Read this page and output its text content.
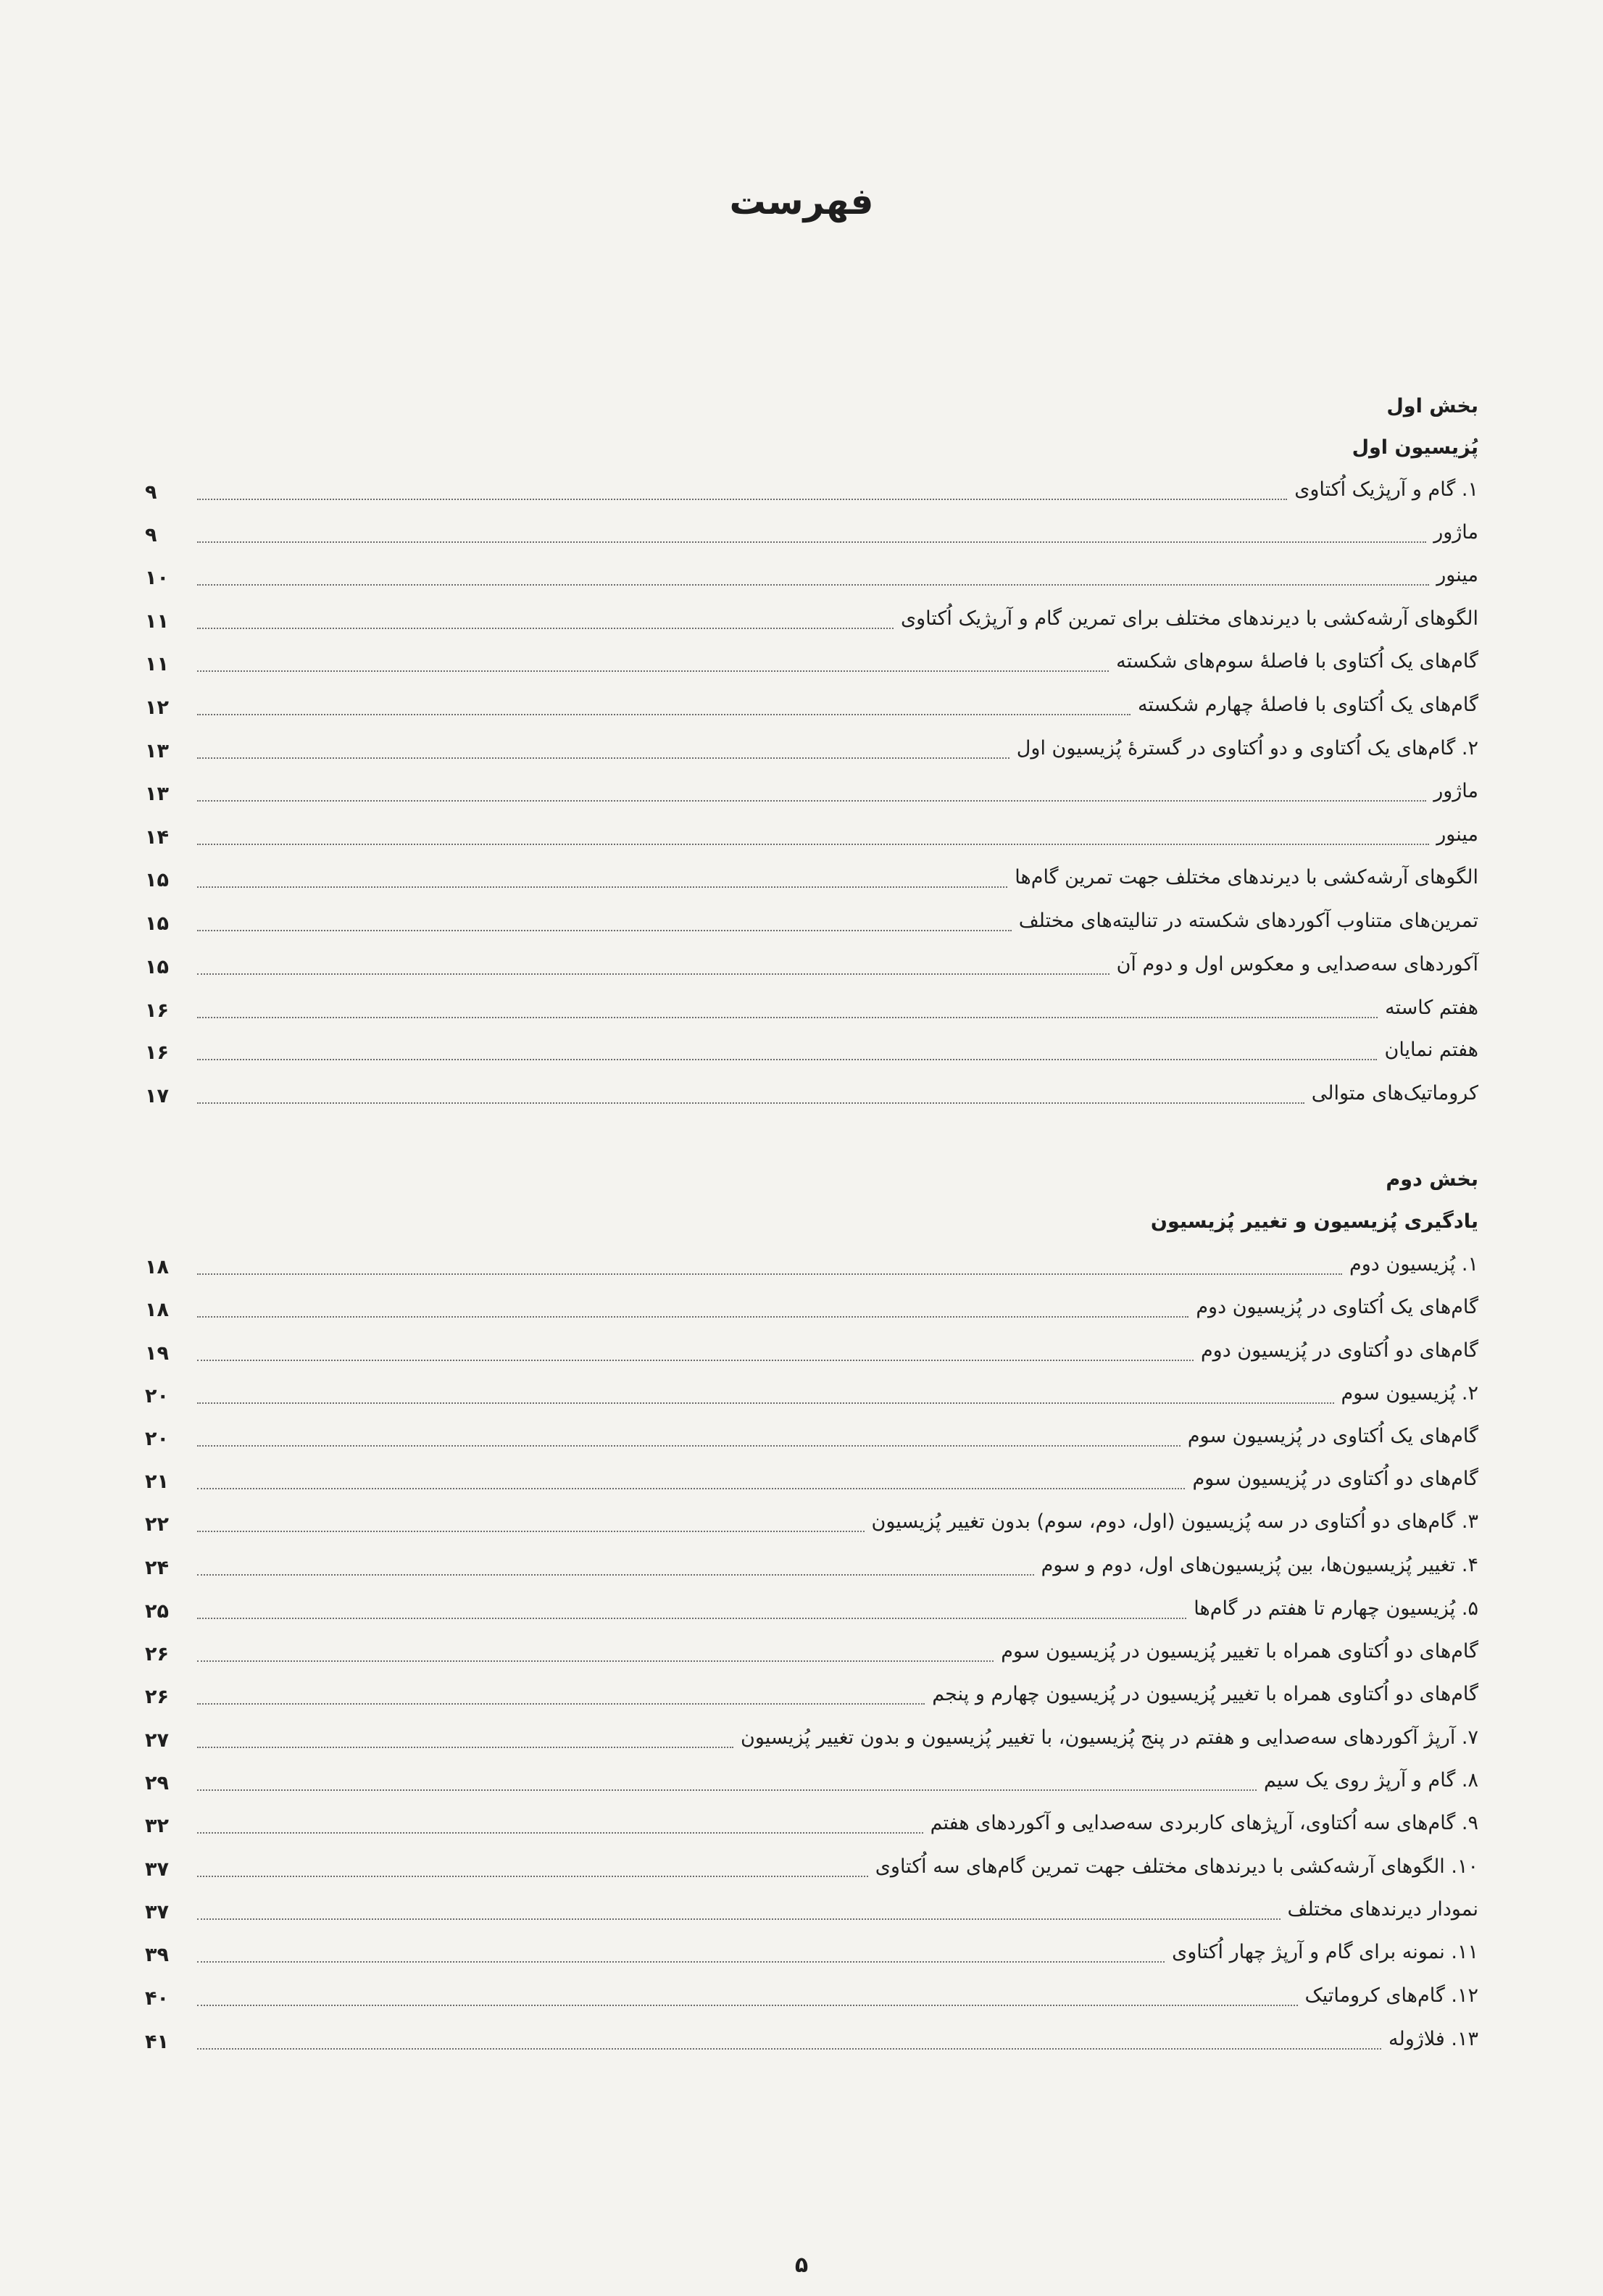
فهرست
بخش اول
پُزیسیون اول
۱. گام و آرپژیک اُکتاوی
۹
ماژور
۹
مینور
۱۰
الگوهای آرشه‌کشی با دیرندهای مختلف برای تمرین گام و آرپژیک اُکتاوی
۱۱
گام‌های یک اُکتاوی با فاصلهٔ سوم‌های شکسته
۱۱
گام‌های یک اُکتاوی با فاصلهٔ چهارم شکسته
۱۲
۲. گام‌های یک اُکتاوی و دو اُکتاوی در گسترهٔ پُزیسیون اول
۱۳
ماژور
۱۳
مینور
۱۴
الگوهای آرشه‌کشی با دیرندهای مختلف جهت تمرین گام‌ها
۱۵
تمرین‌های متناوب آکوردهای شکسته در تنالیته‌های مختلف
۱۵
آکوردهای سه‌صدایی و معکوس اول و دوم آن
۱۵
هفتم کاسته
۱۶
هفتم نمایان
۱۶
کروماتیک‌های متوالی
۱۷
بخش دوم
یادگیری پُزیسیون و تغییر پُزیسیون
۱. پُزیسیون دوم
۱۸
گام‌های یک اُکتاوی در پُزیسیون دوم
۱۸
گام‌های دو اُکتاوی در پُزیسیون دوم
۱۹
۲. پُزیسیون سوم
۲۰
گام‌های یک اُکتاوی در پُزیسیون سوم
۲۰
گام‌های دو اُکتاوی در پُزیسیون سوم
۲۱
۳. گام‌های دو اُکتاوی در سه پُزیسیون (اول، دوم، سوم) بدون تغییر پُزیسیون
۲۲
۴. تغییر پُزیسیون‌ها، بین پُزیسیون‌های اول، دوم و سوم
۲۴
۵. پُزیسیون چهارم تا هفتم در گام‌ها
۲۵
گام‌های دو اُکتاوی همراه با تغییر پُزیسیون در پُزیسیون سوم
۲۶
گام‌های دو اُکتاوی همراه با تغییر پُزیسیون در پُزیسیون چهارم و پنجم
۲۶
۷. آرپژ آکوردهای سه‌صدایی و هفتم در پنج پُزیسیون، با تغییر پُزیسیون و بدون تغییر پُزیسیون
۲۷
۸. گام و آرپژ روی یک سیم
۲۹
۹. گام‌های سه اُکتاوی، آرپژهای کاربردی سه‌صدایی و آکوردهای هفتم
۳۲
۱۰. الگوهای آرشه‌کشی با دیرندهای مختلف جهت تمرین گام‌های سه اُکتاوی
۳۷
نمودار دیرندهای مختلف
۳۷
۱۱. نمونه برای گام و آرپژ چهار اُکتاوی
۳۹
۱۲. گام‌های کروماتیک
۴۰
۱۳. فلاژوله
۴۱
۵
